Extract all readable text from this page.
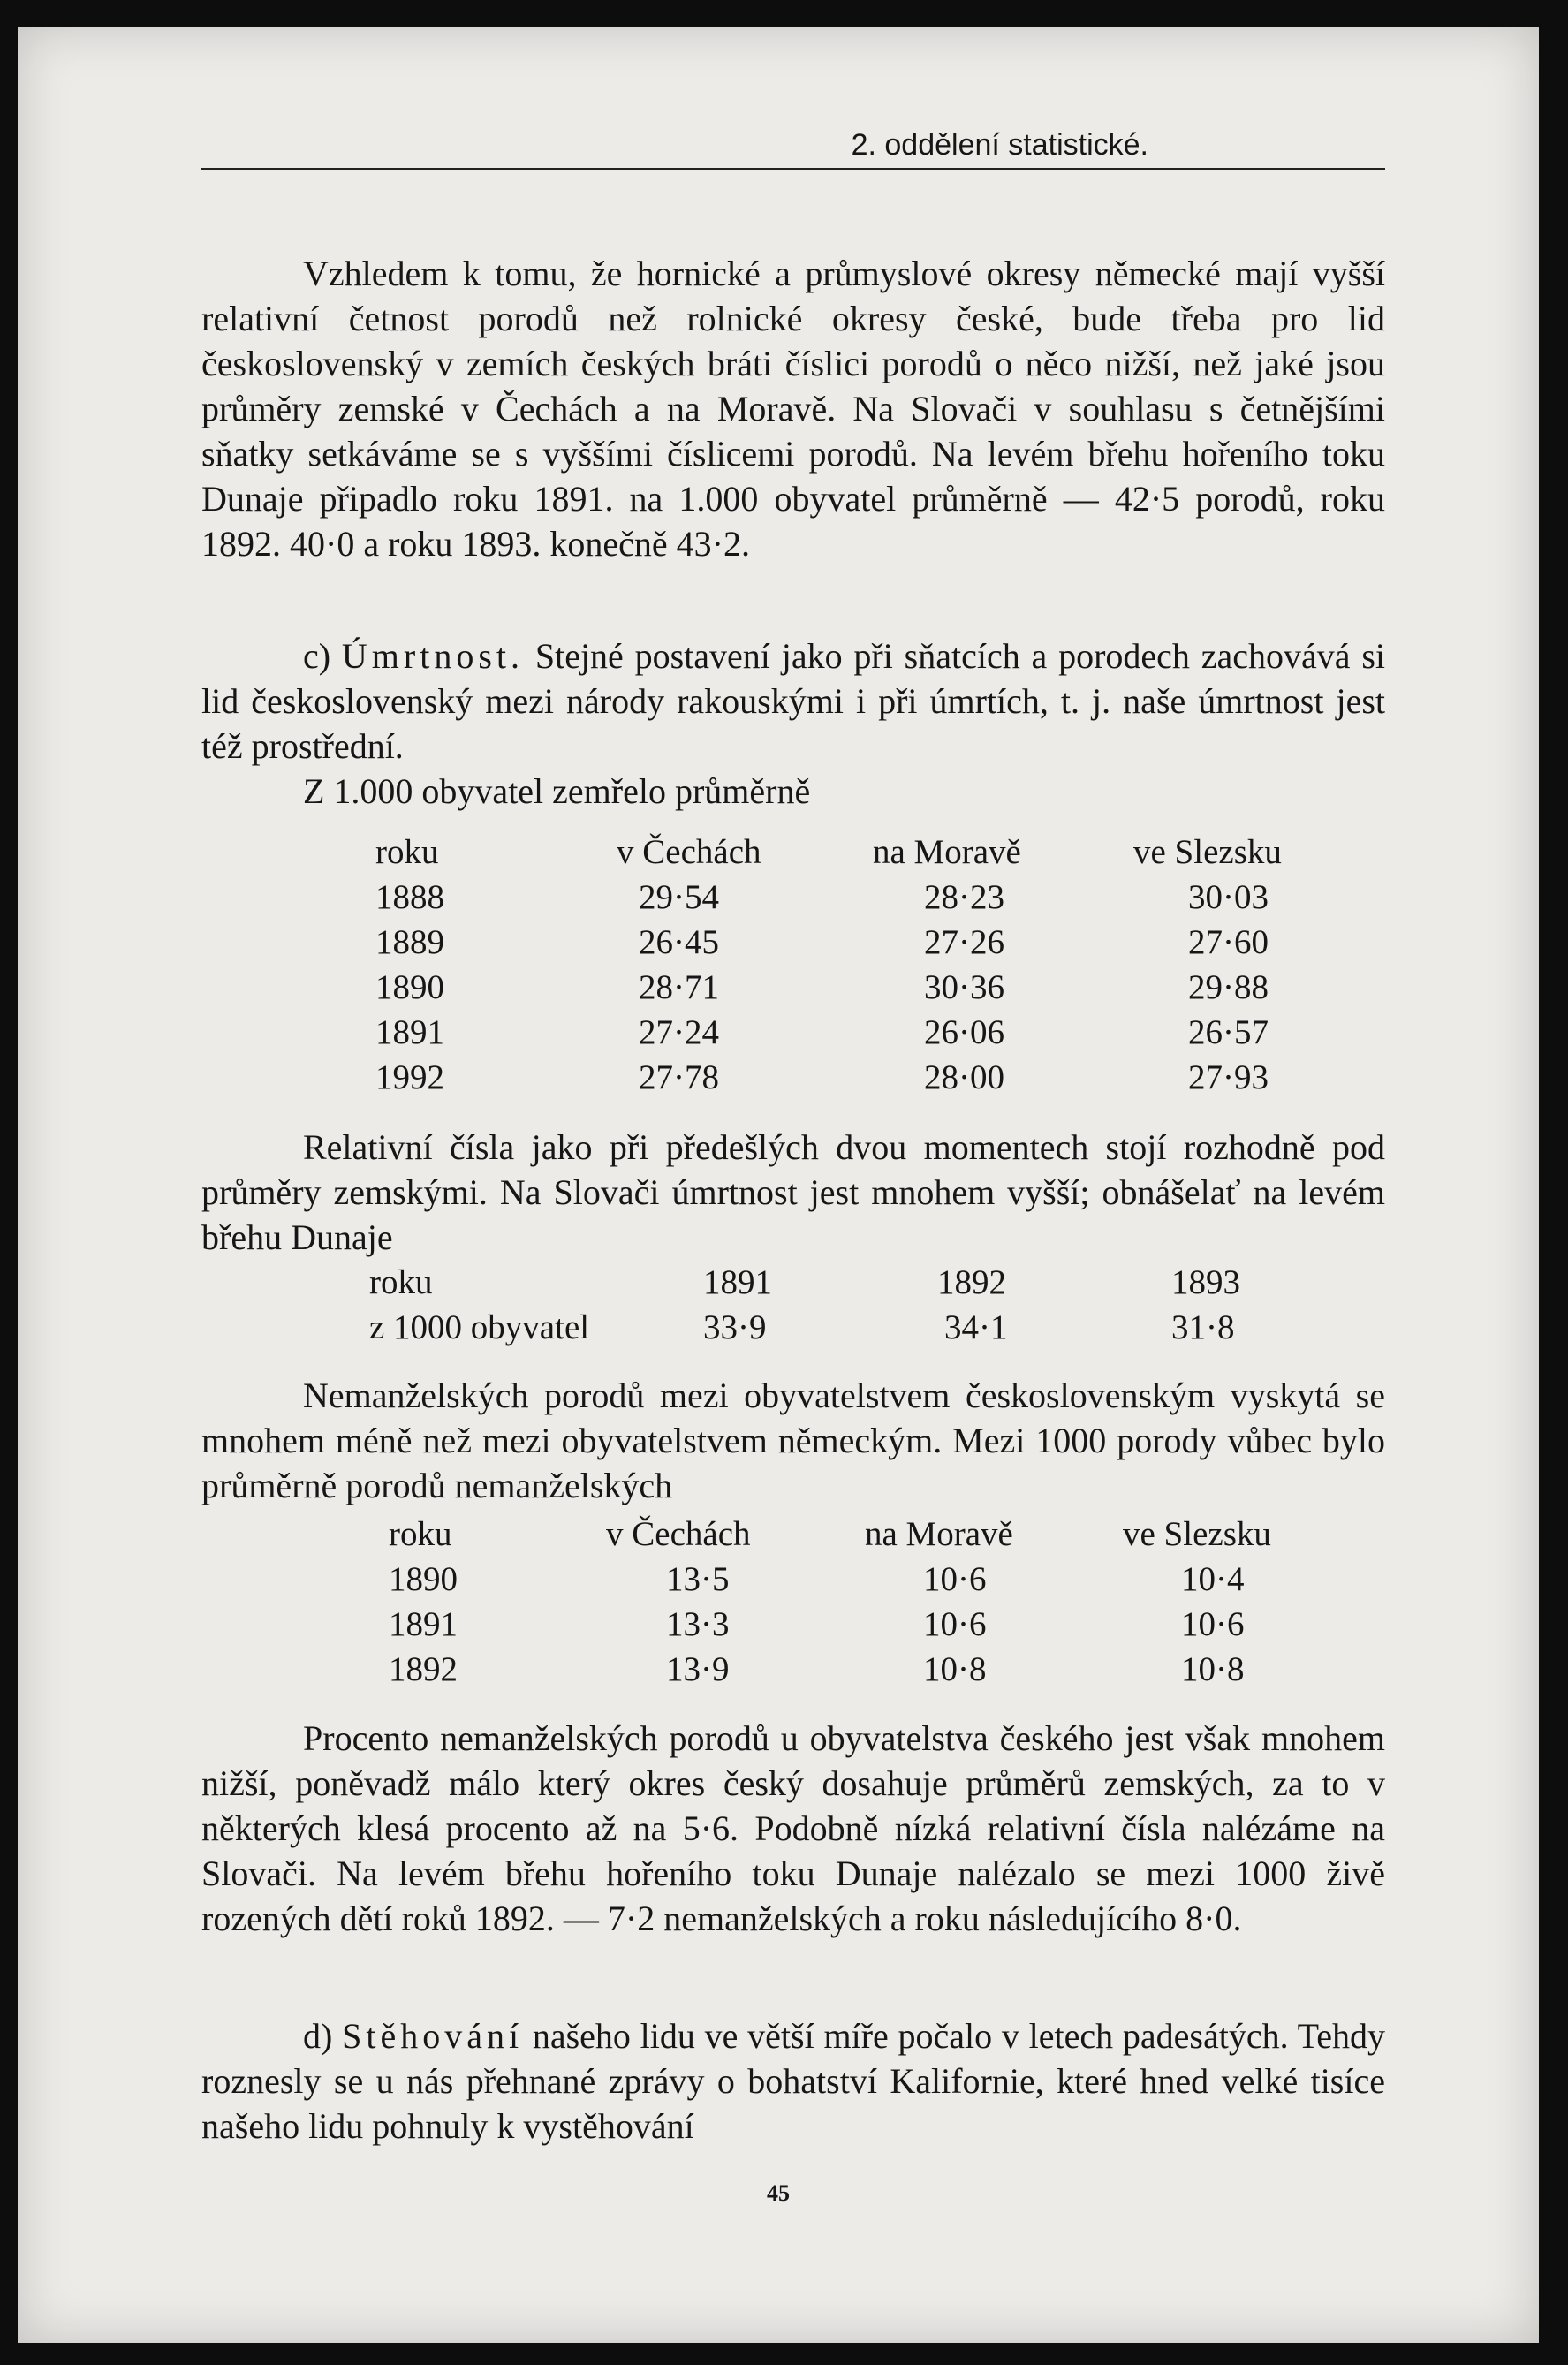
2. oddělení statistické.

Vzhledem k tomu, že hornické a průmyslové okresy německé mají vyšší relativní četnost porodů než rolnické okresy české, bude třeba pro lid československý v zemích českých bráti číslici porodů o něco nižší, než jaké jsou průměry zemské v Čechách a na Moravě. Na Slovači v souhlasu s četnějšími sňatky setkáváme se s vyššími číslicemi porodů. Na levém břehu hořeního toku Dunaje připadlo roku 1891. na 1.000 obyvatel průměrně — 42·5 porodů, roku 1892. 40·0 a roku 1893. konečně 43·2.

c) Úmrtnost. Stejné postavení jako při sňatcích a porodech zachovává si lid československý mezi národy rakouskými i při úmrtích, t. j. naše úmrtnost jest též prostřední.

Z 1.000 obyvatel zemřelo průměrně

roku	v Čechách	na Moravě	ve Slezsku
1888	29·54	28·23	30·03
1889	26·45	27·26	27·60
1890	28·71	30·36	29·88
1891	27·24	26·06	26·57
1992	27·78	28·00	27·93

Relativní čísla jako při předešlých dvou momentech stojí rozhodně pod průměry zemskými. Na Slovači úmrtnost jest mnohem vyšší; obnášelať na levém břehu Dunaje

roku	1891	1892	1893
z 1000 obyvatel	33·9	34·1	31·8

Nemanželských porodů mezi obyvatelstvem československým vyskytá se mnohem méně než mezi obyvatelstvem německým. Mezi 1000 porody vůbec bylo průměrně porodů nemanželských

roku	v Čechách	na Moravě	ve Slezsku
1890	13·5	10·6	10·4
1891	13·3	10·6	10·6
1892	13·9	10·8	10·8

Procento nemanželských porodů u obyvatelstva českého jest však mnohem nižší, poněvadž málo který okres český dosahuje průměrů zemských, za to v některých klesá procento až na 5·6. Podobně nízká relativní čísla nalézáme na Slovači. Na levém břehu hořeního toku Dunaje nalézalo se mezi 1000 živě rozených dětí roků 1892. — 7·2 nemanželských a roku následujícího 8·0.

d) Stěhování našeho lidu ve větší míře počalo v letech padesátých. Tehdy roznesly se u nás přehnané zprávy o bohatství Kalifornie, které hned velké tisíce našeho lidu pohnuly k vystěhování

45
